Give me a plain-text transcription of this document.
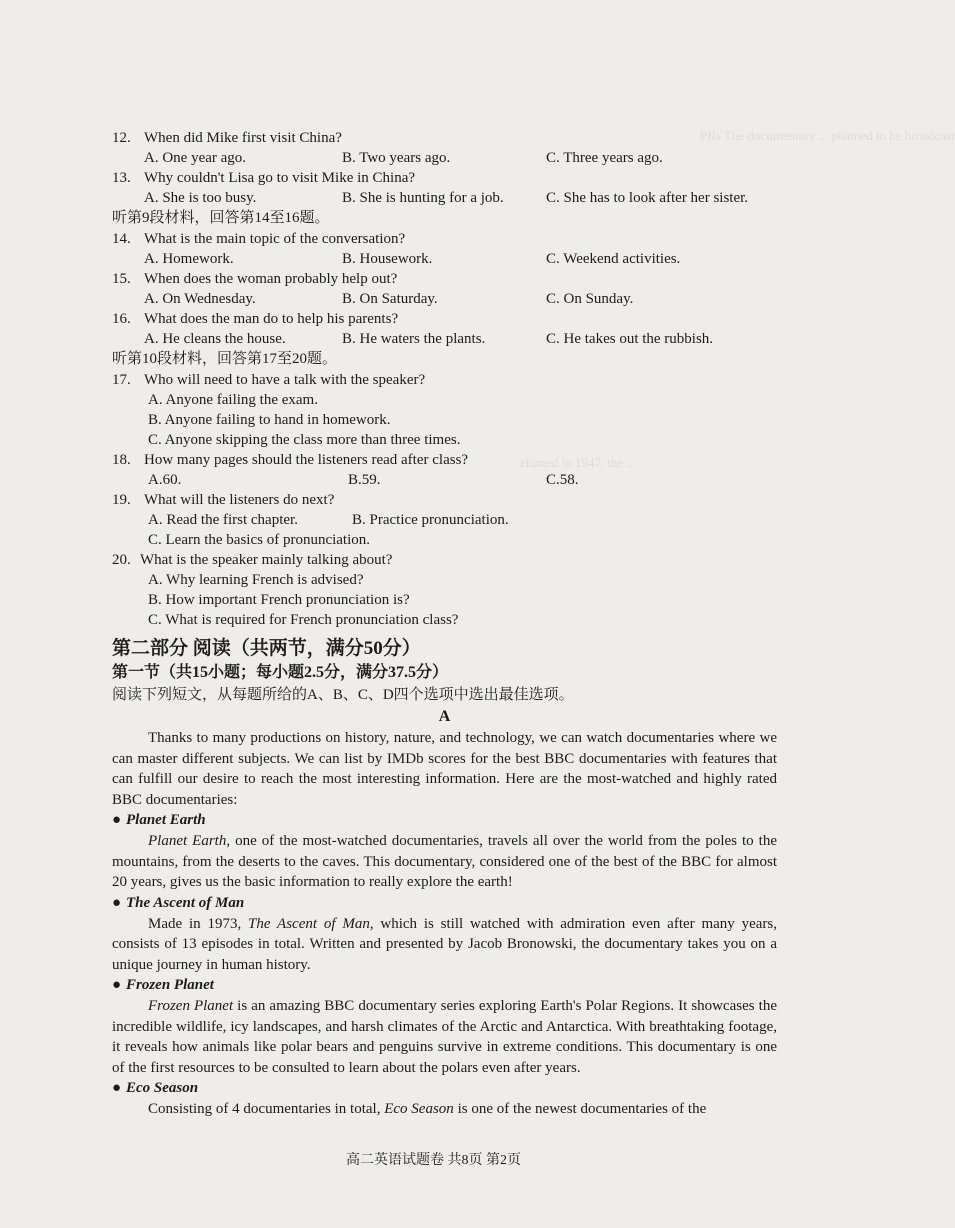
PIIs The documentary ... planned to be broadcast
Hunted in 1947, the ...
12. When did Mike first visit China?
A. One year ago.	B. Two years ago.	C. Three years ago.
13. Why couldn't Lisa go to visit Mike in China?
A. She is too busy.	B. She is hunting for a job.	C. She has to look after her sister.
听第9段材料，回答第14至16题。
14. What is the main topic of the conversation?
A. Homework.	B. Housework.	C. Weekend activities.
15. When does the woman probably help out?
A. On Wednesday.	B. On Saturday.	C. On Sunday.
16. What does the man do to help his parents?
A. He cleans the house.	B. He waters the plants.	C. He takes out the rubbish.
听第10段材料，回答第17至20题。
17. Who will need to have a talk with the speaker?
A. Anyone failing the exam.
B. Anyone failing to hand in homework.
C. Anyone skipping the class more than three times.
18. How many pages should the listeners read after class?
A.60.	B.59.	C.58.
19. What will the listeners do next?
A. Read the first chapter.	B. Practice pronunciation.
C. Learn the basics of pronunciation.
20. What is the speaker mainly talking about?
A. Why learning French is advised?
B. How important French pronunciation is?
C. What is required for French pronunciation class?
第二部分 阅读（共两节，满分50分）
第一节（共15小题；每小题2.5分，满分37.5分）
阅读下列短文，从每题所给的A、B、C、D四个选项中选出最佳选项。
A
Thanks to many productions on history, nature, and technology, we can watch documentaries where we can master different subjects. We can list by IMDb scores for the best BBC documentaries with features that can fulfill our desire to reach the most interesting information. Here are the most-watched and highly rated BBC documentaries:
● Planet Earth
Planet Earth, one of the most-watched documentaries, travels all over the world from the poles to the mountains, from the deserts to the caves. This documentary, considered one of the best of the BBC for almost 20 years, gives us the basic information to really explore the earth!
● The Ascent of Man
Made in 1973, The Ascent of Man, which is still watched with admiration even after many years, consists of 13 episodes in total. Written and presented by Jacob Bronowski, the documentary takes you on a unique journey in human history.
● Frozen Planet
Frozen Planet is an amazing BBC documentary series exploring Earth's Polar Regions. It showcases the incredible wildlife, icy landscapes, and harsh climates of the Arctic and Antarctica. With breathtaking footage, it reveals how animals like polar bears and penguins survive in extreme conditions. This documentary is one of the first resources to be consulted to learn about the polars even after years.
● Eco Season
Consisting of 4 documentaries in total, Eco Season is one of the newest documentaries of the
高二英语试题卷 共8页 第2页
